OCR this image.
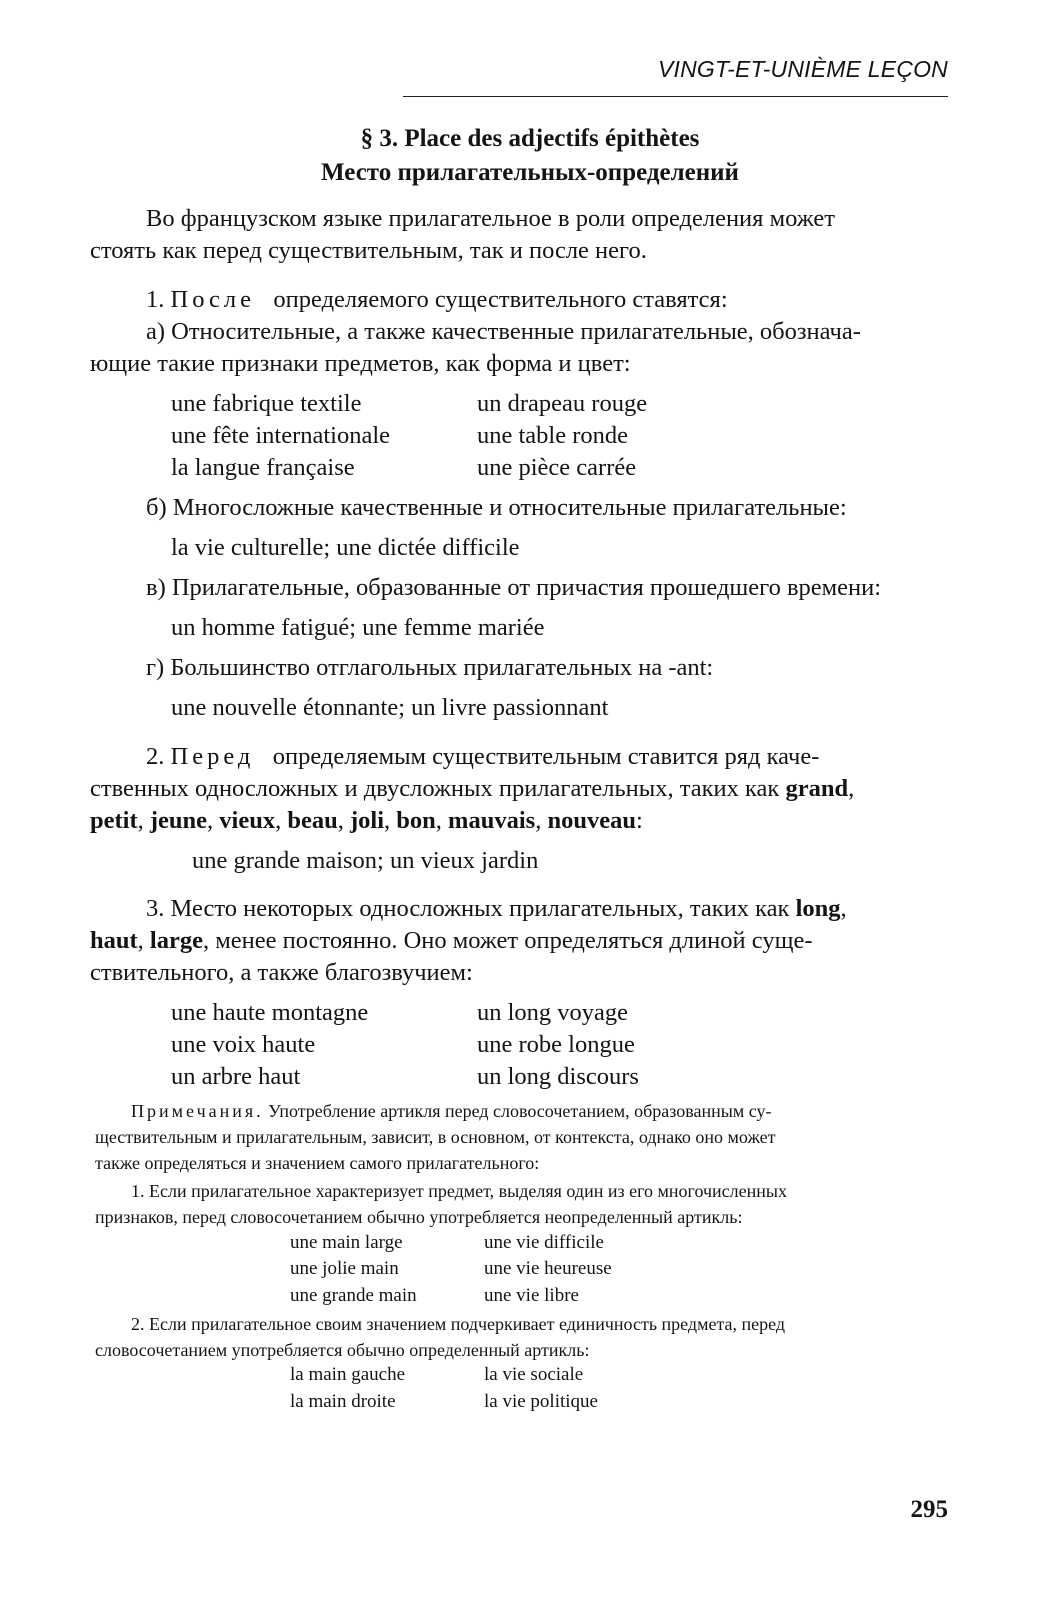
VINGT-ET-UNIÈME LEÇON
§ 3. Place des adjectifs épithètes
Место прилагательных-определений
Во французском языке прилагательное в роли определения может
стоять как перед существительным, так и после него.
1. После определяемого существительного ставятся:
а) Относительные, а также качественные прилагательные, обознача-
ющие такие признаки предметов, как форма и цвет:
une fabrique textile
une fête internationale
la langue française
un drapeau rouge
une table ronde
une pièce carrée
б) Многосложные качественные и относительные прилагательные:
la vie culturelle; une dictée difficile
в) Прилагательные, образованные от причастия прошедшего времени:
un homme fatigué; une femme mariée
г) Большинство отглагольных прилагательных на -ant:
une nouvelle étonnante; un livre passionnant
2. Перед определяемым существительным ставится ряд каче-
ственных односложных и двусложных прилагательных, таких как grand,
petit, jeune, vieux, beau, joli, bon, mauvais, nouveau:
une grande maison; un vieux jardin
3. Место некоторых односложных прилагательных, таких как long,
haut, large, менее постоянно. Оно может определяться длиной суще-
ствительного, а также благозвучием:
une haute montagne
une voix haute
un arbre haut
un long voyage
une robe longue
un long discours
Примечания. Употребление артикля перед словосочетанием, образованным су-
ществительным и прилагательным, зависит, в основном, от контекста, однако оно может
также определяться и значением самого прилагательного:
1. Если прилагательное характеризует предмет, выделяя один из его многочисленных
признаков, перед словосочетанием обычно употребляется неопределенный артикль:
une main large
une jolie main
une grande main
une vie difficile
une vie heureuse
une vie libre
2. Если прилагательное своим значением подчеркивает единичность предмета, перед
словосочетанием употребляется обычно определенный артикль:
la main gauche
la main droite
la vie sociale
la vie politique
295
